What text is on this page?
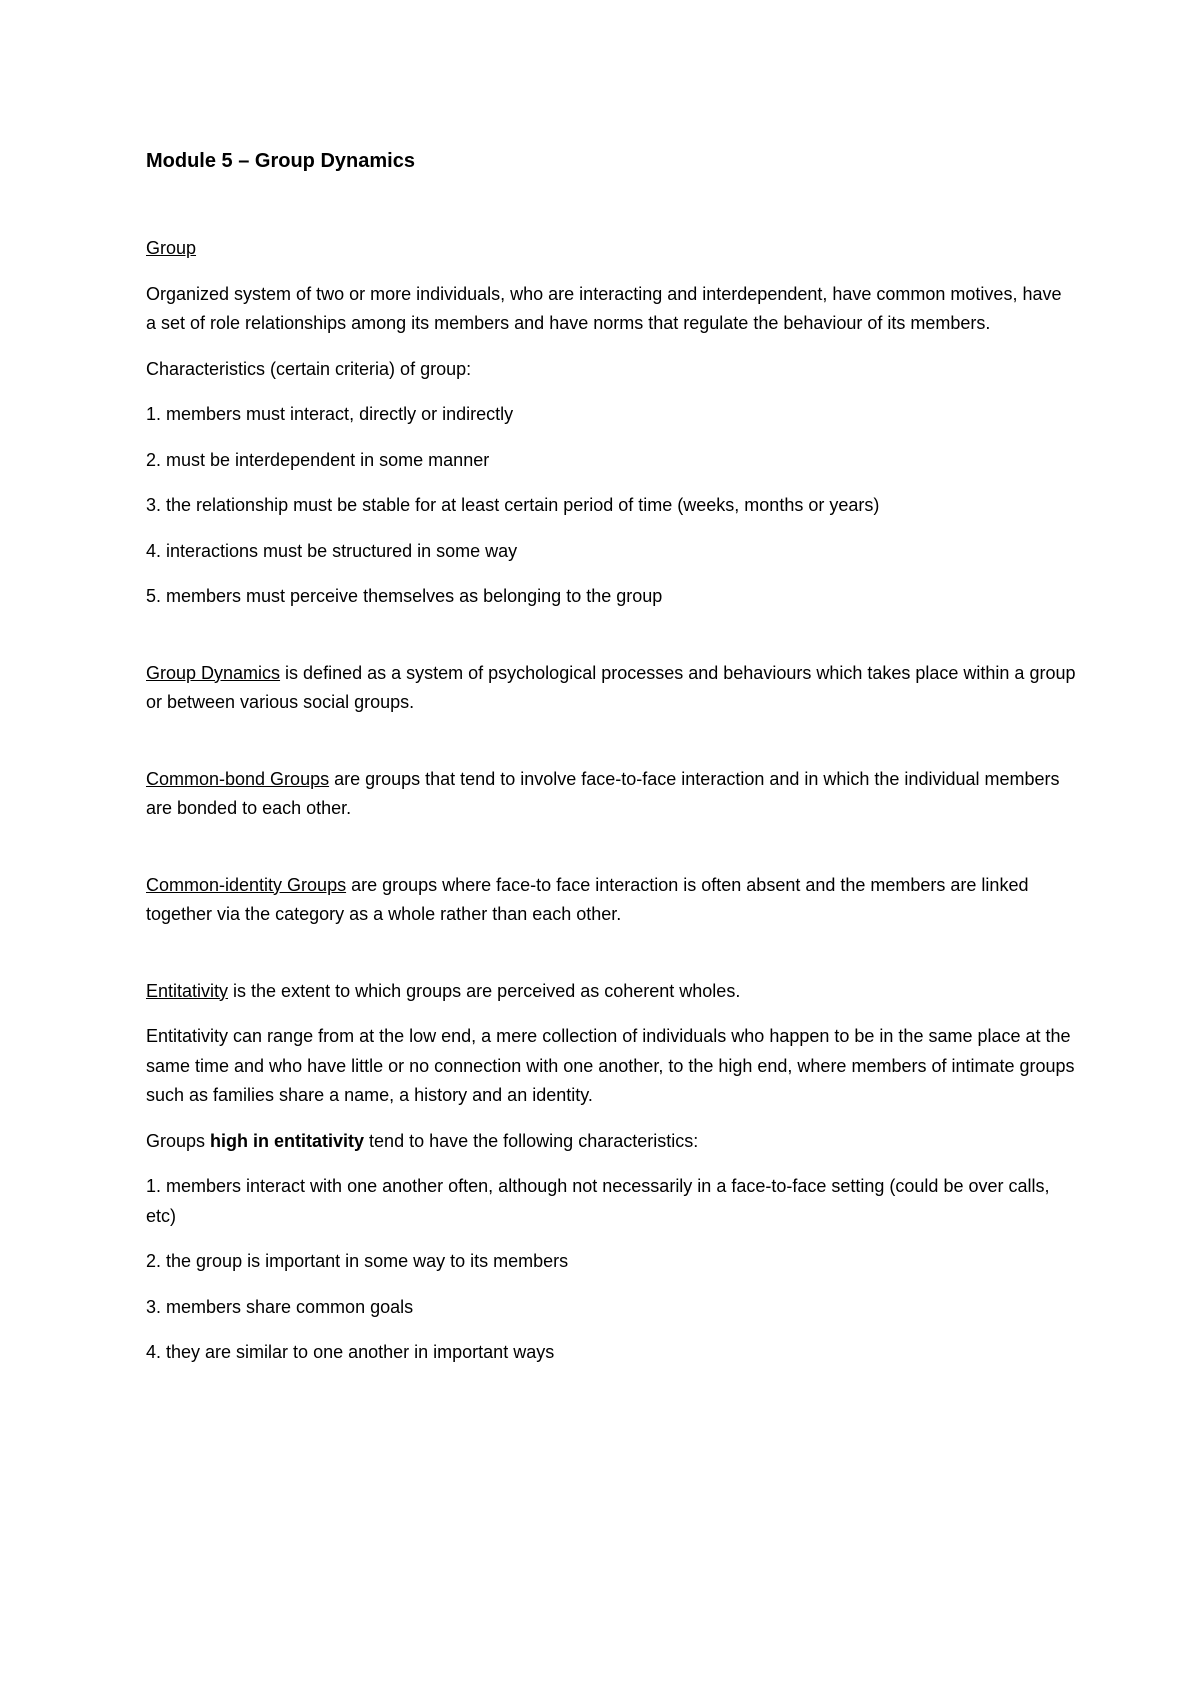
Module 5 – Group Dynamics

Group

Organized system of two or more individuals, who are interacting and interdependent, have common motives, have a set of role relationships among its members and have norms that regulate the behaviour of its members.

Characteristics (certain criteria) of group:

1. members must interact, directly or indirectly

2. must be interdependent in some manner

3. the relationship must be stable for at least certain period of time (weeks, months or years)

4. interactions must be structured in some way

5. members must perceive themselves as belonging to the group

Group Dynamics is defined as a system of psychological processes and behaviours which takes place within a group or between various social groups.

Common-bond Groups are groups that tend to involve face-to-face interaction and in which the individual members are bonded to each other.

Common-identity Groups are groups where face-to face interaction is often absent and the members are linked together via the category as a whole rather than each other.

Entitativity is the extent to which groups are perceived as coherent wholes.

Entitativity can range from at the low end, a mere collection of individuals who happen to be in the same place at the same time and who have little or no connection with one another, to the high end, where members of intimate groups such as families share a name, a history and an identity.

Groups high in entitativity tend to have the following characteristics:

1. members interact with one another often, although not necessarily in a face-to-face setting (could be over calls, etc)

2. the group is important in some way to its members

3. members share common goals

4. they are similar to one another in important ways
